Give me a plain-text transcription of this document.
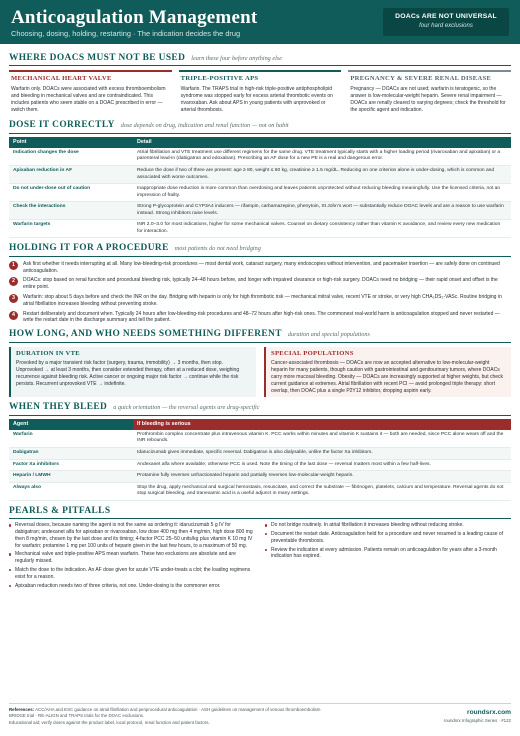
Anticoagulation Management
Choosing, dosing, holding, restarting · The indication decides the drug
DOACs ARE NOT UNIVERSAL
four hard exclusions
WHERE DOACS MUST NOT BE USED learn these four before anything else
MECHANICAL HEART VALVE
Warfarin only. DOACs were associated with excess thromboembolism and bleeding in mechanical valves and are contraindicated. This includes patients who seem stable on a DOAC prescribed in error — switch them.
TRIPLE-POSITIVE APS
Warfarin. The TRAPS trial in high-risk triple-positive antiphospholipid syndrome was stopped early for excess arterial thrombotic events on rivaroxaban. Ask about APS in young patients with unprovoked or arterial thrombosis.
PREGNANCY & SEVERE RENAL DISEASE
Pregnancy — DOACs are not used; warfarin is teratogenic, so the answer is low-molecular-weight heparin. Severe renal impairment — DOACs are renally cleared to varying degrees; check the threshold for the specific agent and indication.
DOSE IT CORRECTLY dose depends on drug, indication and renal function — not on habit
Point	Detail
Indication changes the dose	Atrial fibrillation and VTE treatment use different regimens for the same drug. VTE treatment typically starts with a higher loading period (rivaroxaban and apixaban) or a parenteral lead-in (dabigatran and edoxaban). Prescribing an AF dose for a new PE is a real and dangerous error.
Apixaban reduction in AF	Reduce the dose if two of three are present: age ≥ 80, weight ≤ 60 kg, creatinine ≥ 1.5 mg/dL. Reducing on one criterion alone is under-dosing, which is common and associated with worse outcomes.
Do not under-dose out of caution	Inappropriate dose reduction is more common than overdosing and leaves patients unprotected without reducing bleeding meaningfully. Use the licensed criteria, not an impression of frailty.
Check the interactions	Strong P-glycoprotein and CYP3A4 inducers — rifampin, carbamazepine, phenytoin, St John's wort — substantially reduce DOAC levels and are a reason to use warfarin instead. Strong inhibitors raise levels.
Warfarin targets	INR 2.0–3.0 for most indications, higher for some mechanical valves. Counsel on dietary consistency rather than vitamin K avoidance, and review every new medication for interaction.
HOLDING IT FOR A PROCEDURE most patients do not need bridging
1	Ask first whether it needs interrupting at all. Many low-bleeding-risk procedures — most dental work, cataract surgery, many endoscopies without intervention, and pacemaker insertion — are safely done on continued anticoagulation.
2	DOACs: stop based on renal function and procedural bleeding risk, typically 24–48 hours before, and longer with impaired clearance or high-risk surgery. DOACs need no bridging — their rapid onset and offset is the entire point.
3	Warfarin: stop about 5 days before and check the INR on the day. Bridging with heparin is only for high thrombotic risk — mechanical mitral valve, recent VTE or stroke, or very high CHA₂DS₂-VASc. Routine bridging in atrial fibrillation increases bleeding without preventing stroke.
4	Restart deliberately and document when. Typically 24 hours after low-bleeding-risk procedures and 48–72 hours after high-risk ones. The commonest real-world harm is anticoagulation stopped and never restarted — write the restart date in the discharge summary and tell the patient.
HOW LONG, AND WHO NEEDS SOMETHING DIFFERENT duration and special populations
DURATION IN VTE
Provoked by a major transient risk factor (surgery, trauma, immobility) → 3 months, then stop. Unprovoked → at least 3 months, then consider extended therapy, often at a reduced dose, weighing recurrence against bleeding risk. Active cancer or ongoing major risk factor → continue while the risk persists. Recurrent unprovoked VTE → indefinite.
SPECIAL POPULATIONS
Cancer-associated thrombosis — DOACs are now an accepted alternative to low-molecular-weight heparin for many patients, though caution with gastrointestinal and genitourinary tumors, where DOACs carry more mucosal bleeding. Obesity — DOACs are increasingly supported at higher weights, but check current guidance at extremes. Atrial fibrillation with recent PCI — avoid prolonged triple therapy: short overlap, then DOAC plus a single P2Y12 inhibitor, dropping aspirin early.
WHEN THEY BLEED a quick orientation — the reversal agents are drug-specific
Agent	If bleeding is serious
Warfarin	Prothrombin complex concentrate plus intravenous vitamin K. PCC works within minutes and vitamin K sustains it — both are needed, since PCC alone wears off and the INR rebounds.
Dabigatran	Idarucizumab gives immediate, specific reversal. Dabigatran is also dialysable, unlike the factor Xa inhibitors.
Factor Xa inhibitors	Andexanet alfa where available; otherwise PCC is used. Note the timing of the last dose — reversal matters most within a few half-lives.
Heparin / LMWH	Protamine fully reverses unfractionated heparin and partially reverses low-molecular-weight heparin.
Always also	Stop the drug, apply mechanical and surgical hemostasis, resuscitate, and correct the substrate — fibrinogen, platelets, calcium and temperature. Reversal agents do not stop surgical bleeding, and tranexamic acid is a useful adjunct in many settings.
PEARLS & PITFALLS
Reversal doses, because naming the agent is not the same as ordering it: idarucizumab 5 g IV for dabigatran; andexanet alfa for apixaban or rivaroxaban, low dose 400 mg then 4 mg/min, high dose 800 mg then 8 mg/min, chosen by the last dose and its timing; 4-factor PCC 25–50 units/kg plus vitamin K 10 mg IV for warfarin; protamine 1 mg per 100 units of heparin given in the last few hours, to a maximum of 50 mg.
Mechanical valve and triple-positive APS mean warfarin. These two exclusions are absolute and are regularly missed.
Match the dose to the indication. An AF dose given for acute VTE under-treats a clot; the loading regimens exist for a reason.
Apixaban reduction needs two of three criteria, not one. Under-dosing is the commoner error.
Do not bridge routinely. In atrial fibrillation it increases bleeding without reducing stroke.
Document the restart date. Anticoagulation held for a procedure and never resumed is a leading cause of preventable thrombosis.
Review the indication at every admission. Patients remain on anticoagulation for years after a 3-month indication has expired.
References: ACC/AHA and ESC guidance on atrial fibrillation and periprocedural anticoagulation · ASH guidelines on management of venous thromboembolism
BRIDGE trial · RE-ALIGN and TRAPS trials for the DOAC exclusions.
Educational aid; verify doses against the product label, local protocol, renal function and patient factors.
roundsrx.com
roundsrx Infographic Series · #122
